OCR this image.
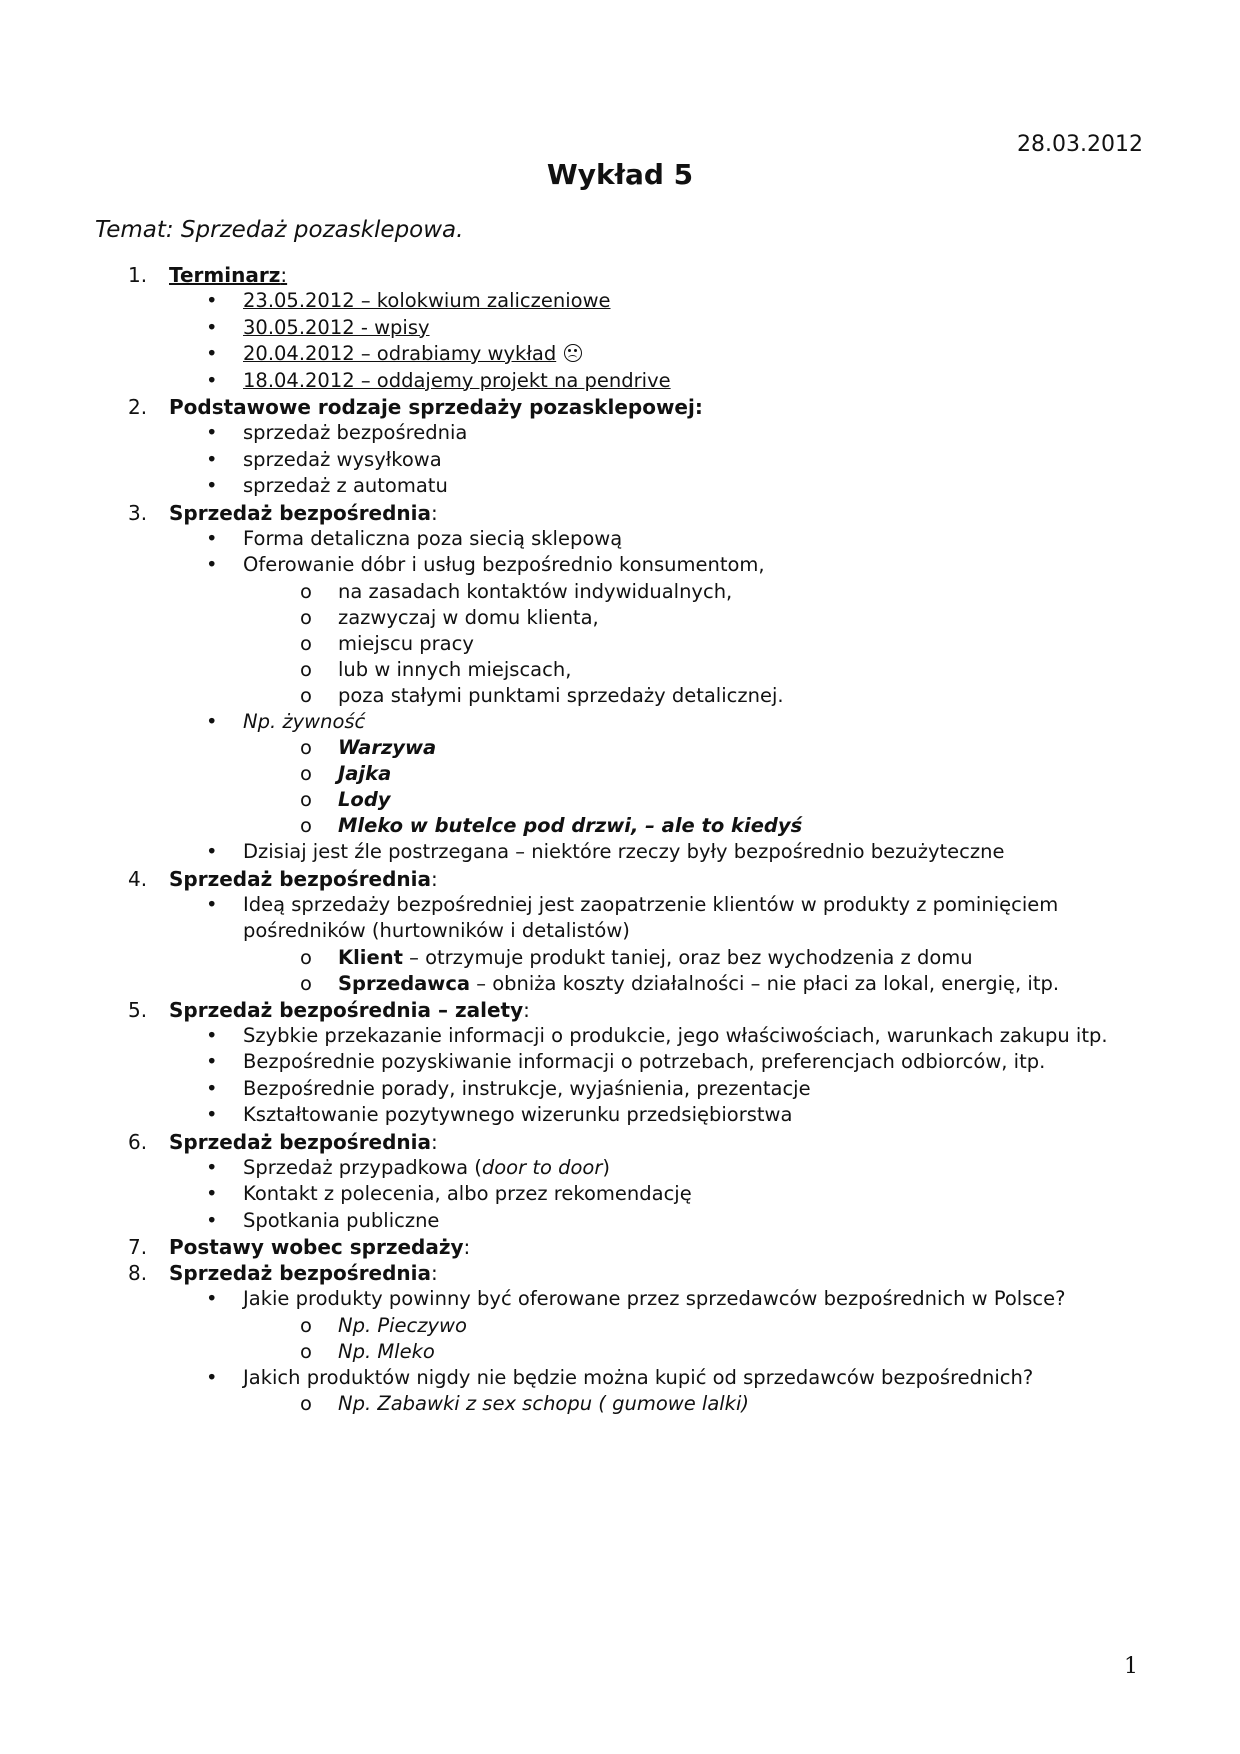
28.03.2012
Wykład 5
Temat: Sprzedaż pozasklepowa.
1. Terminarz:
• 23.05.2012 – kolokwium zaliczeniowe
• 30.05.2012 - wpisy
• 20.04.2012 – odrabiamy wykład
• 18.04.2012 – oddajemy projekt na pendrive
2. Podstawowe rodzaje sprzedaży pozasklepowej:
• sprzedaż bezpośrednia
• sprzedaż wysyłkowa
• sprzedaż z automatu
3. Sprzedaż bezpośrednia:
• Forma detaliczna poza siecią sklepową
• Oferowanie dóbr i usług bezpośrednio konsumentom,
o na zasadach kontaktów indywidualnych,
o zazwyczaj w domu klienta,
o miejscu pracy
o lub w innych miejscach,
o poza stałymi punktami sprzedaży detalicznej.
• Np. żywność
o Warzywa
o Jajka
o Lody
o Mleko w butelce pod drzwi, – ale to kiedyś
• Dzisiaj jest źle postrzegana – niektóre rzeczy były bezpośrednio bezużyteczne
4. Sprzedaż bezpośrednia:
• Ideą sprzedaży bezpośredniej jest zaopatrzenie klientów w produkty z pominięciem pośredników (hurtowników i detalistów)
o Klient – otrzymuje produkt taniej, oraz bez wychodzenia z domu
o Sprzedawca – obniża koszty działalności – nie płaci za lokal, energię, itp.
5. Sprzedaż bezpośrednia – zalety:
• Szybkie przekazanie informacji o produkcie, jego właściwościach, warunkach zakupu itp.
• Bezpośrednie pozyskiwanie informacji o potrzebach, preferencjach odbiorców, itp.
• Bezpośrednie porady, instrukcje, wyjaśnienia, prezentacje
• Kształtowanie pozytywnego wizerunku przedsiębiorstwa
6. Sprzedaż bezpośrednia:
• Sprzedaż przypadkowa (door to door)
• Kontakt z polecenia, albo przez rekomendację
• Spotkania publiczne
7. Postawy wobec sprzedaży:
8. Sprzedaż bezpośrednia:
• Jakie produkty powinny być oferowane przez sprzedawców bezpośrednich w Polsce?
o Np. Pieczywo
o Np. Mleko
• Jakich produktów nigdy nie będzie można kupić od sprzedawców bezpośrednich?
o Np. Zabawki z sex schopu ( gumowe lalki)
1
